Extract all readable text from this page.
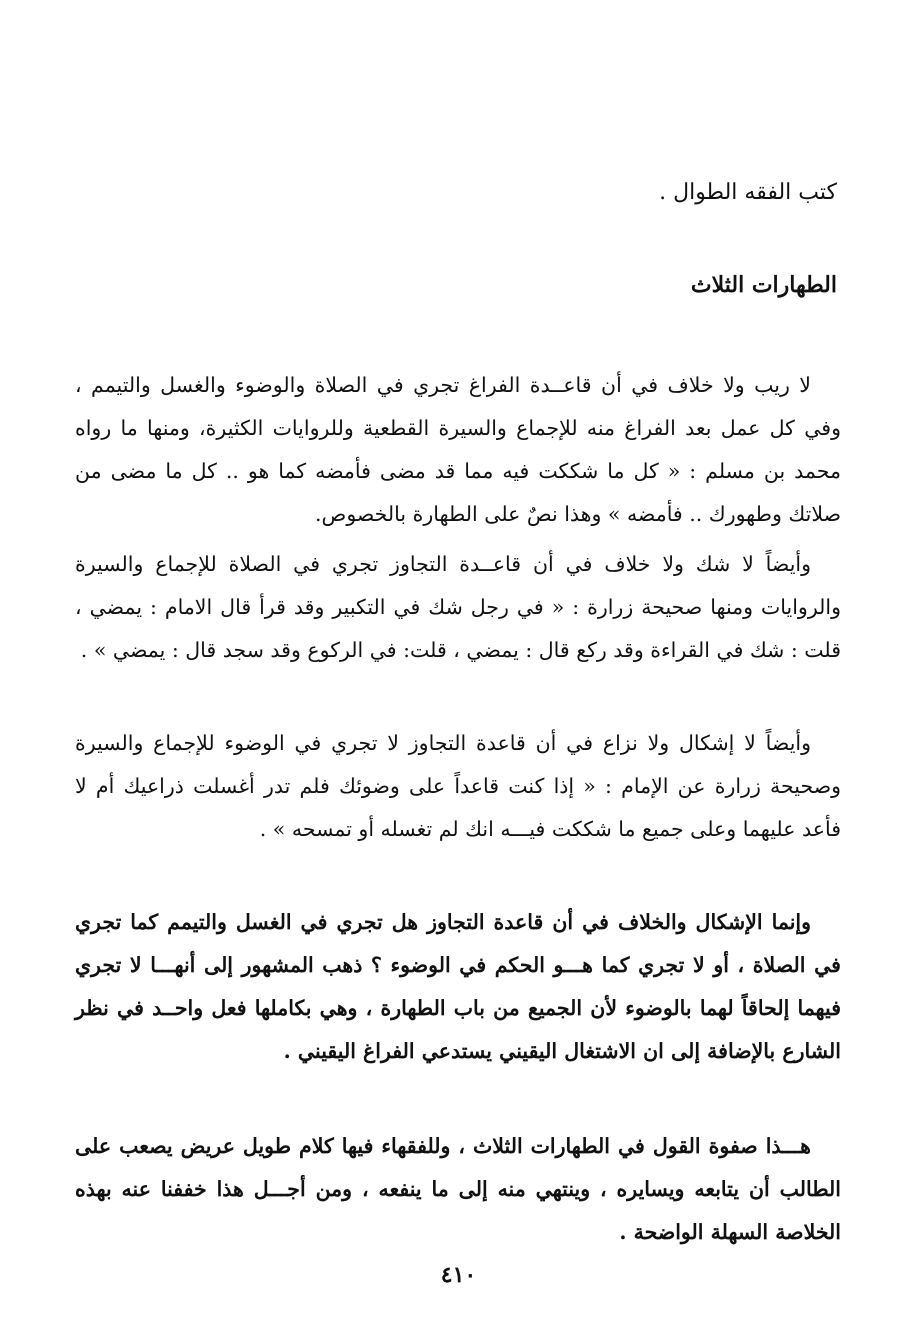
كتب الفقه الطوال .
الطهارات الثلاث

لا ريب ولا خلاف في أن قاعــدة الفراغ تجري في الصلاة والوضوء والغسل والتيمم ، وفي كل عمل بعد الفراغ منه للإجماع والسيرة القطعية وللروايات الكثيرة، ومنها ما رواه محمد بن مسلم : « كل ما شككت فيه مما قد مضى فأمضه كما هو .. كل ما مضى من صلاتك وطهورك .. فأمضه » وهذا نصٌ على الطهارة بالخصوص.

وأيضاً لا شك ولا خلاف في أن قاعــدة التجاوز تجري في الصلاة للإجماع والسيرة والروايات ومنها صحيحة زرارة : « في رجل شك في التكبير وقد قرأ قال الامام : يمضي ، قلت : شك في القراءة وقد ركع قال : يمضي ، قلت: في الركوع وقد سجد قال : يمضي » .

وأيضاً لا إشكال ولا نزاع في أن قاعدة التجاوز لا تجري في الوضوء للإجماع والسيرة وصحيحة زرارة عن الإمام : « إذا كنت قاعداً على وضوئك فلم تدر أغسلت ذراعيك أم لا فأعد عليهما وعلى جميع ما شككت فيـــه انك لم تغسله أو تمسحه » .

وإنما الإشكال والخلاف في أن قاعدة التجاوز هل تجري في الغسل والتيمم كما تجري في الصلاة ، أو لا تجري كما هـــو الحكم في الوضوء ؟ ذهب المشهور إلى أنهـــا لا تجري فيهما إلحاقاً لهما بالوضوء لأن الجميع من باب الطهارة ، وهي بكاملها فعل واحــد في نظر الشارع بالإضافة إلى ان الاشتغال اليقيني يستدعي الفراغ اليقيني .

هـــذا صفوة القول في الطهارات الثلاث ، وللفقهاء فيها كلام طويل عريض يصعب على الطالب أن يتابعه ويسايره ، وينتهي منه إلى ما ينفعه ، ومن أجـــل هذا خففنا عنه بهذه الخلاصة السهلة الواضحة .

٤١٠
